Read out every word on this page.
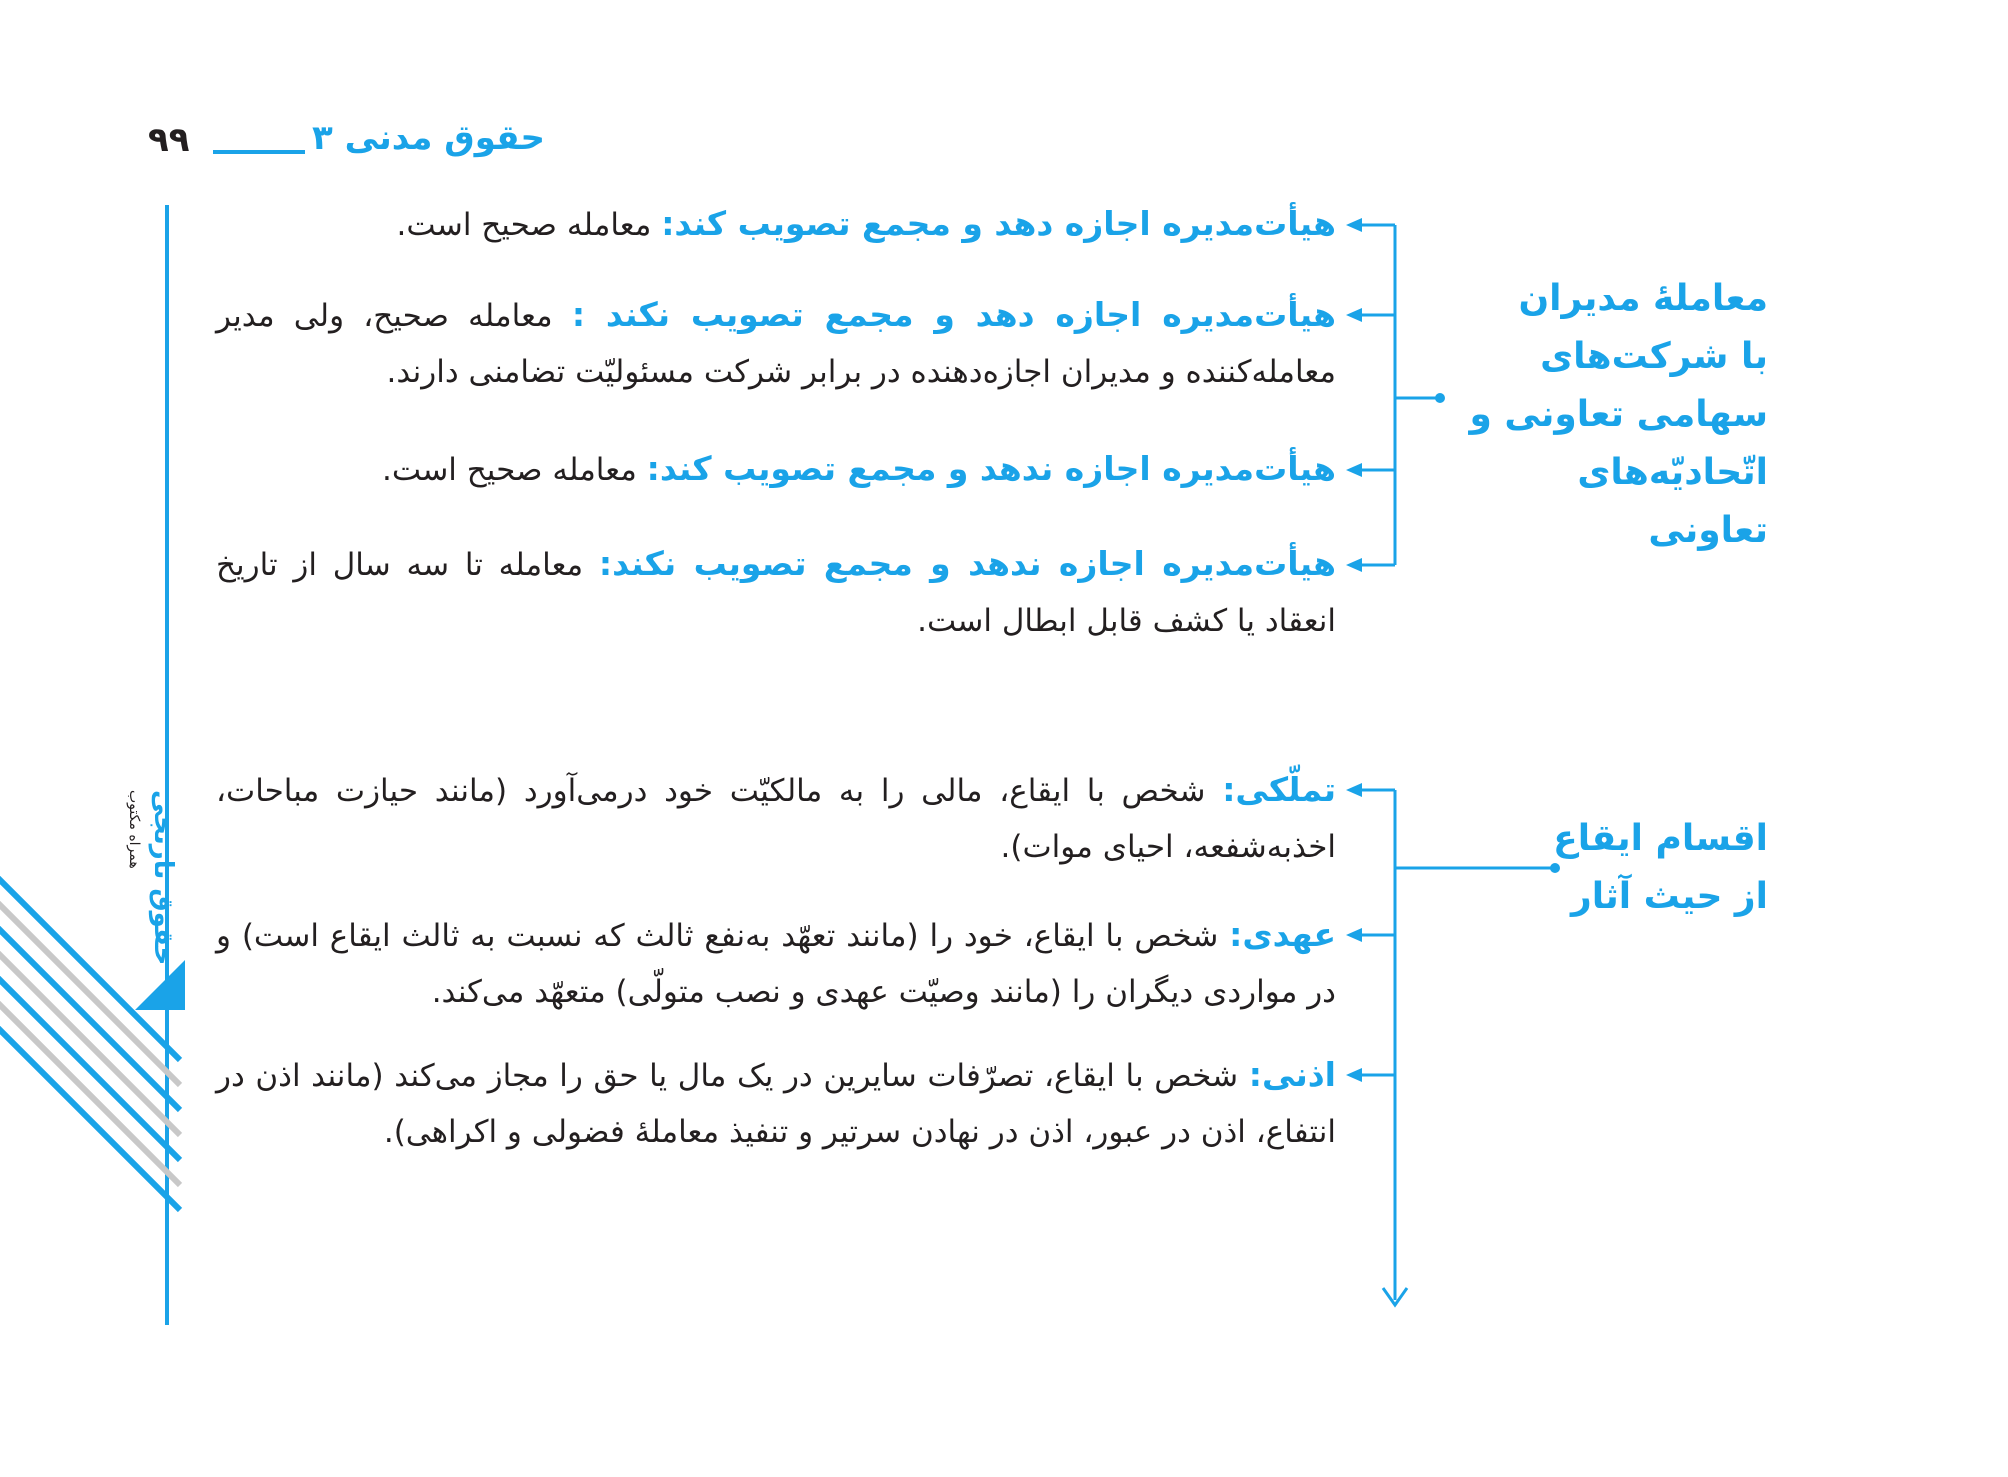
۹۹	حقوق مدنی ۳
همراه مکتوب حقوق نارنجی
معاملهٔ مدیران
با شرکت‌های
سهامی تعاونی و
اتّحادیّه‌های تعاونی
هیأت‌مدیره اجازه دهد و مجمع تصویب کند: معامله صحیح است.
هیأت‌مدیره اجازه دهد و مجمع تصویب نکند : معامله صحیح، ولی مدیر معامله‌کننده و مدیران اجازه‌دهنده در برابر شرکت مسئولیّت تضامنی دارند.
هیأت‌مدیره اجازه ندهد و مجمع تصویب کند: معامله صحیح است.
هیأت‌مدیره اجازه ندهد و مجمع تصویب نکند: معامله تا سه سال از تاریخ انعقاد یا کشف قابل ابطال است.
اقسام ایقاع
از حیث آثار
تملّکی: شخص با ایقاع، مالی را به مالکیّت خود درمی‌آورد (مانند حیازت مباحات، اخذبه‌شفعه، احیای موات).
عهدی: شخص با ایقاع، خود را (مانند تعهّد به‌نفع ثالث که نسبت به ثالث ایقاع است) و در مواردی دیگران را (مانند وصیّت عهدی و نصب متولّی) متعهّد می‌کند.
اذنی: شخص با ایقاع، تصرّفات سایرین در یک مال یا حق را مجاز می‌کند (مانند اذن در انتفاع، اذن در عبور، اذن در نهادن سرتیر و تنفیذ معاملهٔ فضولی و اکراهی).
